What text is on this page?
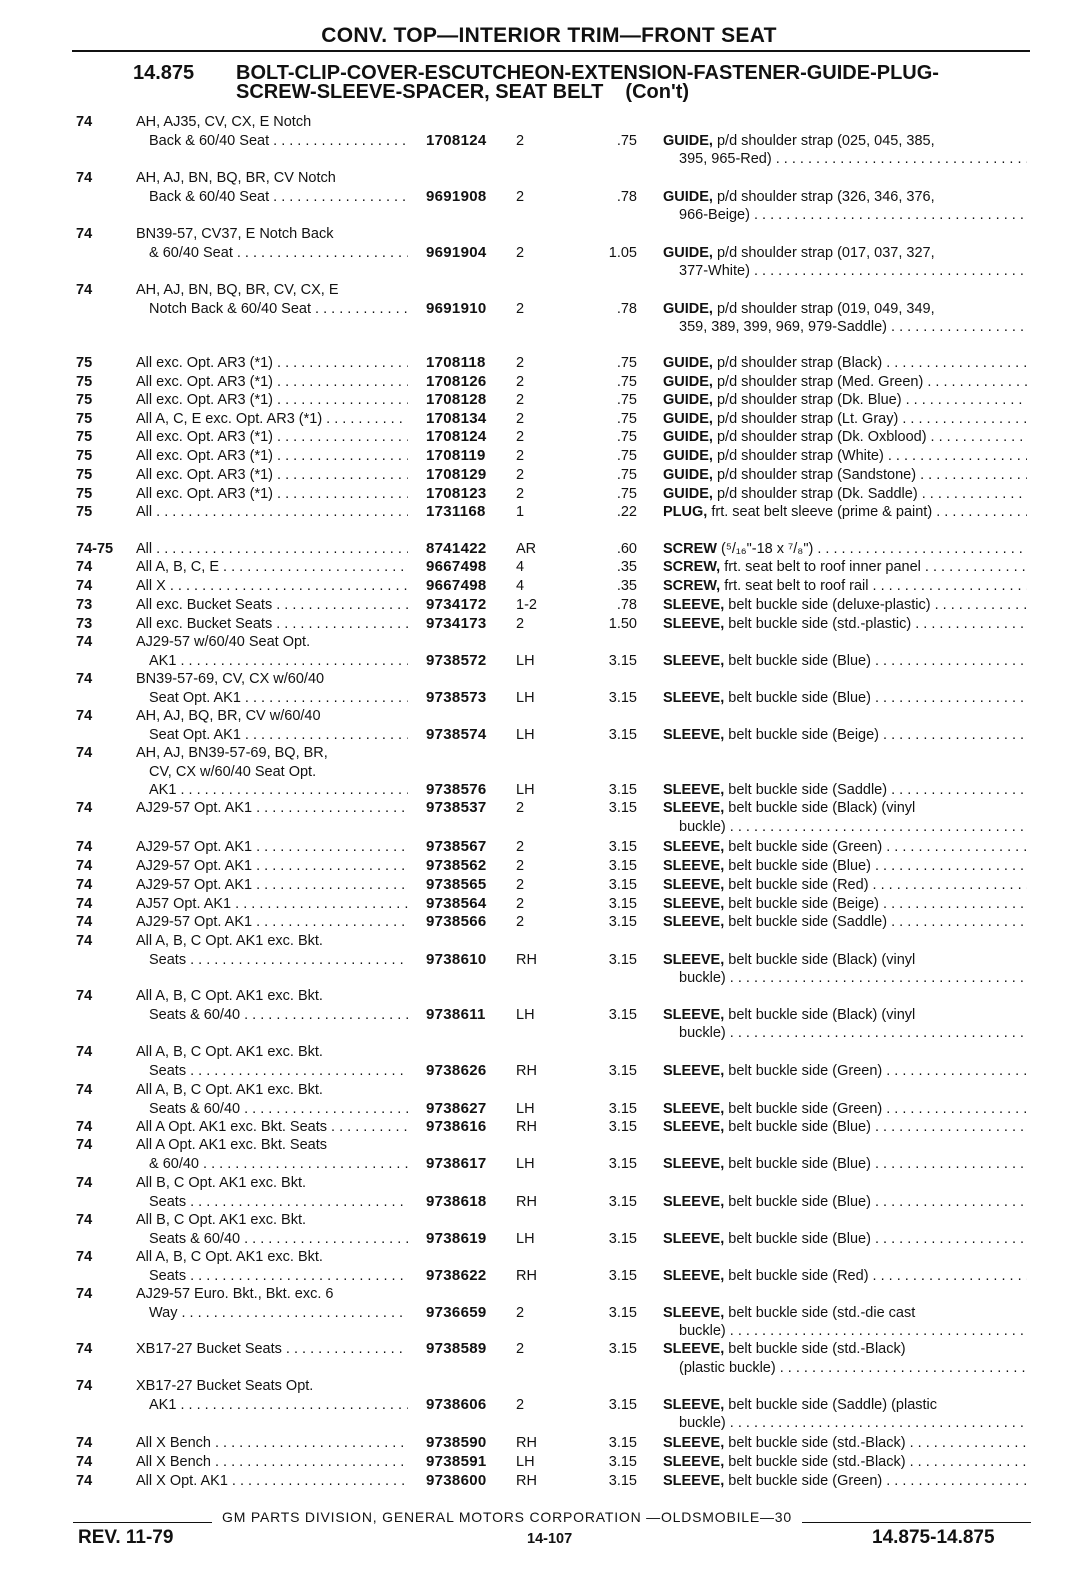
CONV. TOP—INTERIOR TRIM—FRONT SEAT
14.875 BOLT-CLIP-COVER-ESCUTCHEON-EXTENSION-FASTENER-GUIDE-PLUG-
SCREW-SLEEVE-SPACER, SEAT BELT (Con't)
74	AH, AJ35, CV, CX, E Notch
Back & 60/40 Seat . . .	1708124 2	.75 GUIDE, p/d shoulder strap (025, 045, 385,
395, 965-Red) . . .
74	AH, AJ, BN, BQ, BR, CV Notch
Back & 60/40 Seat . . .	9691908 2	.78 GUIDE, p/d shoulder strap (326, 346, 376,
966-Beige) . . .
74	BN39-57, CV37, E Notch Back
& 60/40 Seat . . .	9691904 2	1.05 GUIDE, p/d shoulder strap (017, 037, 327,
377-White) . . .
74	AH, AJ, BN, BQ, BR, CV, CX, E
Notch Back & 60/40 Seat . . .	9691910 2	.78 GUIDE, p/d shoulder strap (019, 049, 349,
359, 389, 399, 969, 979-Saddle) . . .
75	All exc. Opt. AR3 (*1) . . .	1708118 2	.75 GUIDE, p/d shoulder strap (Black) . . .
75	All exc. Opt. AR3 (*1) . . .	1708126 2	.75 GUIDE, p/d shoulder strap (Med. Green) . . .
75	All exc. Opt. AR3 (*1) . . .	1708128 2	.75 GUIDE, p/d shoulder strap (Dk. Blue) . . .
75	All A, C, E exc. Opt. AR3 (*1) . . .	1708134 2	.75 GUIDE, p/d shoulder strap (Lt. Gray) . . .
75	All exc. Opt. AR3 (*1) . . .	1708124 2	.75 GUIDE, p/d shoulder strap (Dk. Oxblood) . . .
75	All exc. Opt. AR3 (*1) . . .	1708119 2	.75 GUIDE, p/d shoulder strap (White) . . .
75	All exc. Opt. AR3 (*1) . . .	1708129 2	.75 GUIDE, p/d shoulder strap (Sandstone) . . .
75	All exc. Opt. AR3 (*1) . . .	1708123 2	.75 GUIDE, p/d shoulder strap (Dk. Saddle) . . .
75	All . . .	1731168 1	.22 PLUG, frt. seat belt sleeve (prime & paint) . . .
74-75 All . . .	8741422 AR	.60 SCREW (⁵/₁₆"-18 x ⁷/₈") . . .
74	All A, B, C, E . . .	9667498 4	.35 SCREW, frt. seat belt to roof inner panel . . .
74	All X . . .	9667498 4	.35 SCREW, frt. seat belt to roof rail . . .
73	All exc. Bucket Seats . . .	9734172 1-2	.78 SLEEVE, belt buckle side (deluxe-plastic) . . .
73	All exc. Bucket Seats . . .	9734173 2	1.50 SLEEVE, belt buckle side (std.-plastic) . . .
74	AJ29-57 w/60/40 Seat Opt.
AK1 . . .	9738572 LH	3.15 SLEEVE, belt buckle side (Blue) . . .
74	BN39-57-69, CV, CX w/60/40
Seat Opt. AK1 . . .	9738573 LH	3.15 SLEEVE, belt buckle side (Blue) . . .
74	AH, AJ, BQ, BR, CV w/60/40
Seat Opt. AK1 . . .	9738574 LH	3.15 SLEEVE, belt buckle side (Beige) . . .
74	AH, AJ, BN39-57-69, BQ, BR,
CV, CX w/60/40 Seat Opt.
AK1 . . .	9738576 LH	3.15 SLEEVE, belt buckle side (Saddle) . . .
74	AJ29-57 Opt. AK1 . . .	9738537 2	3.15 SLEEVE, belt buckle side (Black) (vinyl
buckle) . . .
74	AJ29-57 Opt. AK1 . . .	9738567 2	3.15 SLEEVE, belt buckle side (Green) . . .
74	AJ29-57 Opt. AK1 . . .	9738562 2	3.15 SLEEVE, belt buckle side (Blue) . . .
74	AJ29-57 Opt. AK1 . . .	9738565 2	3.15 SLEEVE, belt buckle side (Red) . . .
74	AJ57 Opt. AK1 . . .	9738564 2	3.15 SLEEVE, belt buckle side (Beige) . . .
74	AJ29-57 Opt. AK1 . . .	9738566 2	3.15 SLEEVE, belt buckle side (Saddle) . . .
74	All A, B, C Opt. AK1 exc. Bkt.
Seats . . .	9738610 RH	3.15 SLEEVE, belt buckle side (Black) (vinyl
buckle) . . .
74	All A, B, C Opt. AK1 exc. Bkt.
Seats & 60/40 . . .	9738611 LH	3.15 SLEEVE, belt buckle side (Black) (vinyl
buckle) . . .
74	All A, B, C Opt. AK1 exc. Bkt.
Seats . . .	9738626 RH	3.15 SLEEVE, belt buckle side (Green) . . .
74	All A, B, C Opt. AK1 exc. Bkt.
Seats & 60/40 . . .	9738627 LH	3.15 SLEEVE, belt buckle side (Green) . . .
74	All A Opt. AK1 exc. Bkt. Seats . . .	9738616 RH	3.15 SLEEVE, belt buckle side (Blue) . . .
74	All A Opt. AK1 exc. Bkt. Seats
& 60/40 . . .	9738617 LH	3.15 SLEEVE, belt buckle side (Blue) . . .
74	All B, C Opt. AK1 exc. Bkt.
Seats . . .	9738618 RH	3.15 SLEEVE, belt buckle side (Blue) . . .
74	All B, C Opt. AK1 exc. Bkt.
Seats & 60/40 . . .	9738619 LH	3.15 SLEEVE, belt buckle side (Blue) . . .
74	All A, B, C Opt. AK1 exc. Bkt.
Seats . . .	9738622 RH	3.15 SLEEVE, belt buckle side (Red) . . .
74	AJ29-57 Euro. Bkt., Bkt. exc. 6
Way . . .	9736659 2	3.15 SLEEVE, belt buckle side (std.-die cast
buckle) . . .
74	XB17-27 Bucket Seats . . .	9738589 2	3.15 SLEEVE, belt buckle side (std.-Black)
(plastic buckle) . . .
74	XB17-27 Bucket Seats Opt.
AK1 . . .	9738606 2	3.15 SLEEVE, belt buckle side (Saddle) (plastic
buckle) . . .
74	All X Bench . . .	9738590 RH	3.15 SLEEVE, belt buckle side (std.-Black) . . .
74	All X Bench . . .	9738591 LH	3.15 SLEEVE, belt buckle side (std.-Black) . . .
74	All X Opt. AK1 . . .	9738600 RH	3.15 SLEEVE, belt buckle side (Green) . . .
GM PARTS DIVISION, GENERAL MOTORS CORPORATION —OLDSMOBILE—30
REV. 11-79	14-107	14.875-14.875
